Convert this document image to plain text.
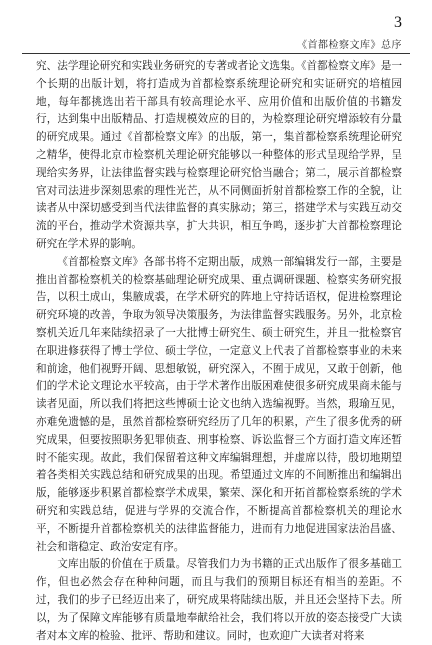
3
《首都检察文库》总序

究、法学理论研究和实践业务研究的专著或者论文选集。《首都检察文库》是一个长期的出版计划，将打造成为首都检察系统理论研究和实证研究的培植园地，每年都挑选出若干部具有较高理论水平、应用价值和出版价值的书籍发行，达到集中出版精品、打造规模效应的目的，为检察理论研究增添较有分量的研究成果。通过《首都检察文库》的出版，第一，集首都检察系统理论研究之精华，使得北京市检察机关理论研究能够以一种整体的形式呈现给学界，呈现给实务界，让法律监督实践与检察理论研究恰当融合；第二，展示首都检察官对司法进步深刻思索的理性光芒，从不同侧面折射首都检察工作的全貌，让读者从中深切感受到当代法律监督的真实脉动；第三，搭建学术与实践互动交流的平台，推动学术资源共享，扩大共识，相互争鸣，逐步扩大首都检察理论研究在学术界的影响。

《首都检察文库》各部书将不定期出版，成熟一部编辑发行一部，主要是推出首都检察机关的检察基础理论研究成果、重点调研课题、检察实务研究报告，以积土成山，集腋成裘，在学术研究的阵地上守持话语权，促进检察理论研究环境的改善，争取为领导决策服务，为法律监督实践服务。另外，北京检察机关近几年来陆续招录了一大批博士研究生、硕士研究生，并且一批检察官在职进修获得了博士学位、硕士学位，一定意义上代表了首都检察事业的未来和前途，他们视野开阔、思想敏锐，研究深入，不囿于成见，又敢于创新，他们的学术论文理论水平较高，由于学术著作出版困难使很多研究成果商未能与读者见面，所以我们将把这些博硕士论文也纳入选编视野。当然，瑕瑜互见，亦难免遗憾的是，虽然首都检察研究经历了几年的积累，产生了很多优秀的研究成果，但要按照职务犯罪侦查、刑事检察、诉讼监督三个方面打造文库还暂时不能实现。故此，我们保留着这种文库编辑理想，并虚席以待，殷切地期望着各类相关实践总结和研究成果的出现。希望通过文库的不间断推出和编辑出版，能够逐步积累首都检察学术成果，繁荣、深化和开拓首都检察系统的学术研究和实践总结，促进与学界的交流合作，不断提高首都检察机关的理论水平，不断提升首都检察机关的法律监督能力，进而有力地促进国家法治昌盛、社会和谐稳定、政治安定有序。

文库出版的价值在于质量。尽管我们力为书籍的正式出版作了很多基础工作，但也必然会存在种种问题，而且与我们的预期目标还有相当的差距。不过，我们的步子已经迈出来了，研究成果将陆续出版，并且还会坚持下去。所以，为了保障文库能够有质量地奉献给社会，我们将以开放的姿态接受广大读者对本文库的检验、批评、帮助和建议。同时，也欢迎广大读者对将来
